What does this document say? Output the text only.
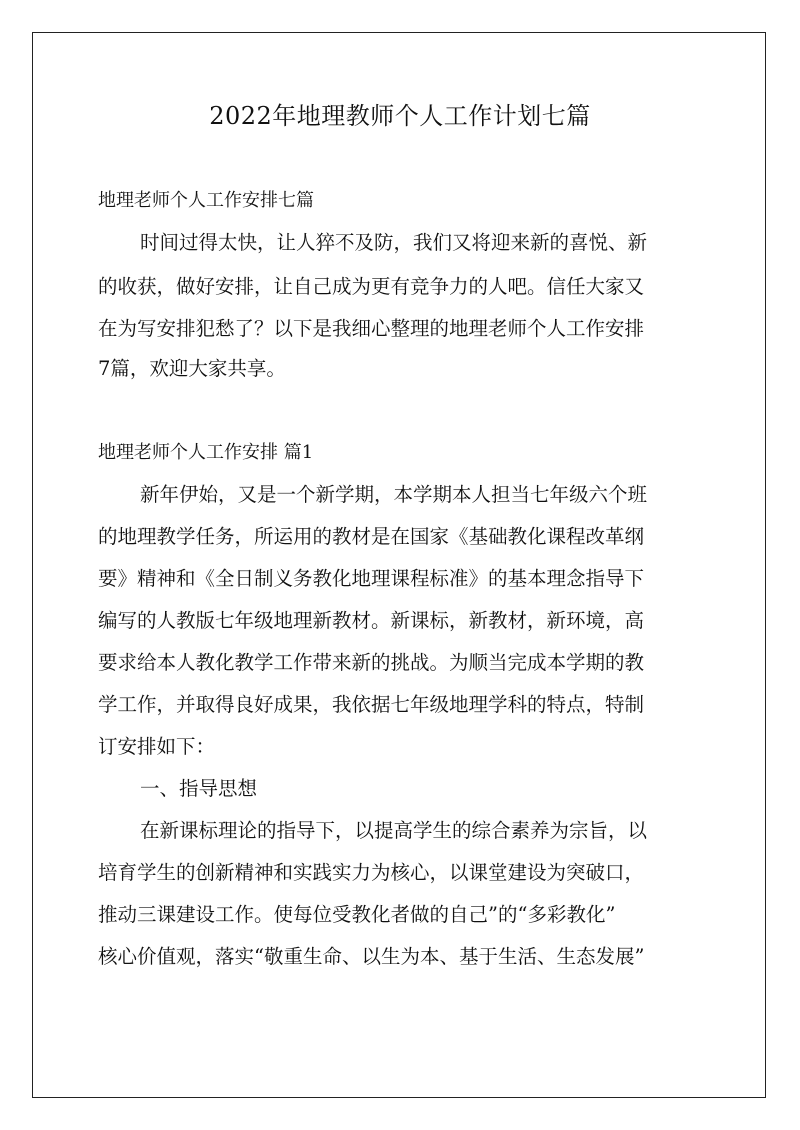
2022年地理教师个人工作计划七篇
地理老师个人工作安排七篇
时间过得太快，让人猝不及防，我们又将迎来新的喜悦、新
的收获，做好安排，让自己成为更有竞争力的人吧。信任大家又
在为写安排犯愁了？以下是我细心整理的地理老师个人工作安排
7篇，欢迎大家共享。
地理老师个人工作安排 篇1
新年伊始，又是一个新学期，本学期本人担当七年级六个班
的地理教学任务，所运用的教材是在国家《基础教化课程改革纲
要》精神和《全日制义务教化地理课程标准》的基本理念指导下
编写的人教版七年级地理新教材。新课标，新教材，新环境，高
要求给本人教化教学工作带来新的挑战。为顺当完成本学期的教
学工作，并取得良好成果，我依据七年级地理学科的特点，特制
订安排如下：
一、指导思想
在新课标理论的指导下，以提高学生的综合素养为宗旨，以
培育学生的创新精神和实践实力为核心，以课堂建设为突破口，
推动三课建设工作。使每位受教化者做的自己”的“多彩教化”
核心价值观，落实“敬重生命、以生为本、基于生活、生态发展”
